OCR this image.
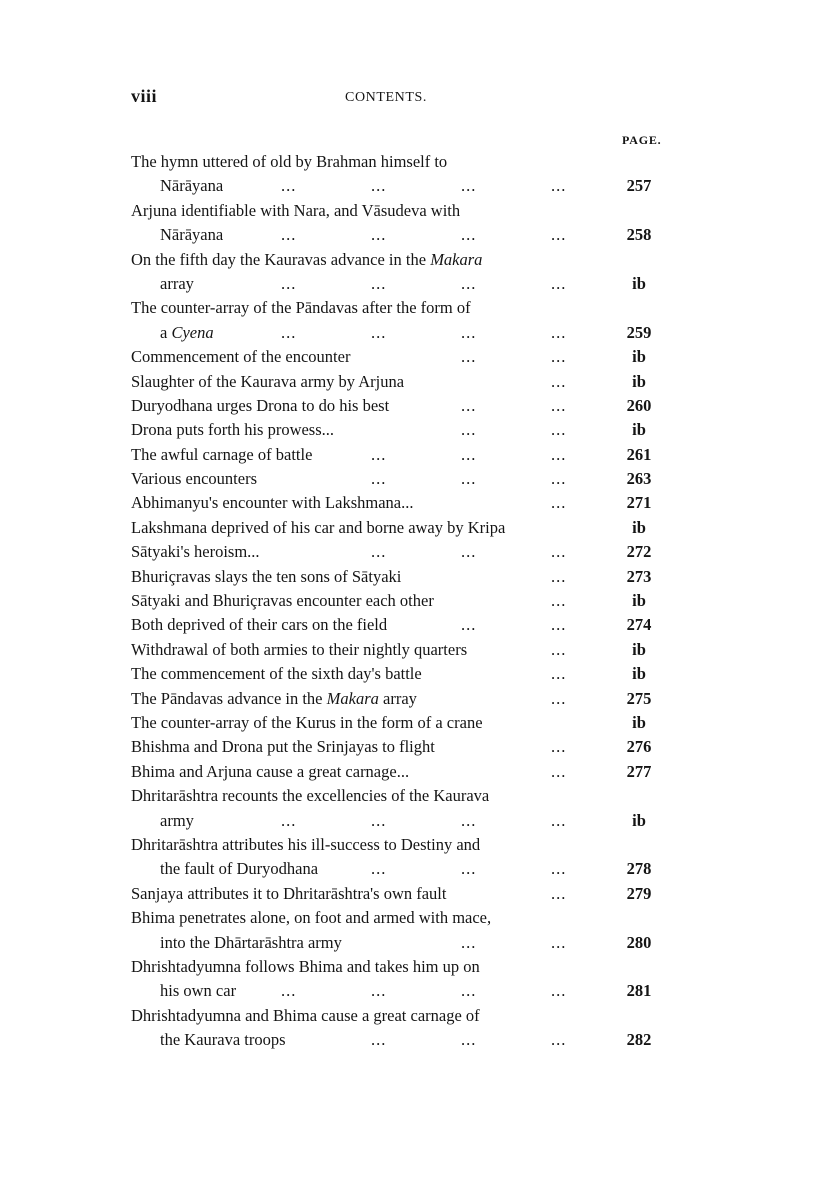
viii	CONTENTS.
PAGE.
The hymn uttered of old by Brahman himself to
Nārāyana	...	...	...	...	257
Arjuna identifiable with Nara, and Vāsudeva with
Nārāyana	...	...	...	...	258
On the fifth day the Kauravas advance in the Makara
array	...	...	...	...	ib
The counter-array of the Pāndavas after the form of
a Cyena	...	...	...	...	259
Commencement of the encounter	...	...	ib
Slaughter of the Kaurava army by Arjuna	...	ib
Duryodhana urges Drona to do his best	...	...	260
Drona puts forth his prowess...	...	...	ib
The awful carnage of battle	...	...	...	261
Various encounters	...	...	...	263
Abhimanyu's encounter with Lakshmana...	...	271
Lakshmana deprived of his car and borne away by Kripa	ib
Sātyaki's heroism...	...	...	...	272
Bhuriçravas slays the ten sons of Sātyaki	...	273
Sātyaki and Bhuriçravas encounter each other	...	ib
Both deprived of their cars on the field	...	...	274
Withdrawal of both armies to their nightly quarters	...	ib
The commencement of the sixth day's battle	...	ib
The Pāndavas advance in the Makara array	...	275
The counter-array of the Kurus in the form of a crane	ib
Bhishma and Drona put the Srinjayas to flight	...	276
Bhima and Arjuna cause a great carnage...	...	277
Dhritarāshtra recounts the excellencies of the Kaurava
army	...	...	...	...	ib
Dhritarāshtra attributes his ill-success to Destiny and
the fault of Duryodhana	...	...	...	278
Sanjaya attributes it to Dhritarāshtra's own fault	...	279
Bhima penetrates alone, on foot and armed with mace,
into the Dhārtarāshtra army	...	...	280
Dhrishtadyumna follows Bhima and takes him up on
his own car	...	...	...	...	281
Dhrishtadyumna and Bhima cause a great carnage of
the Kaurava troops	...	...	...	282
